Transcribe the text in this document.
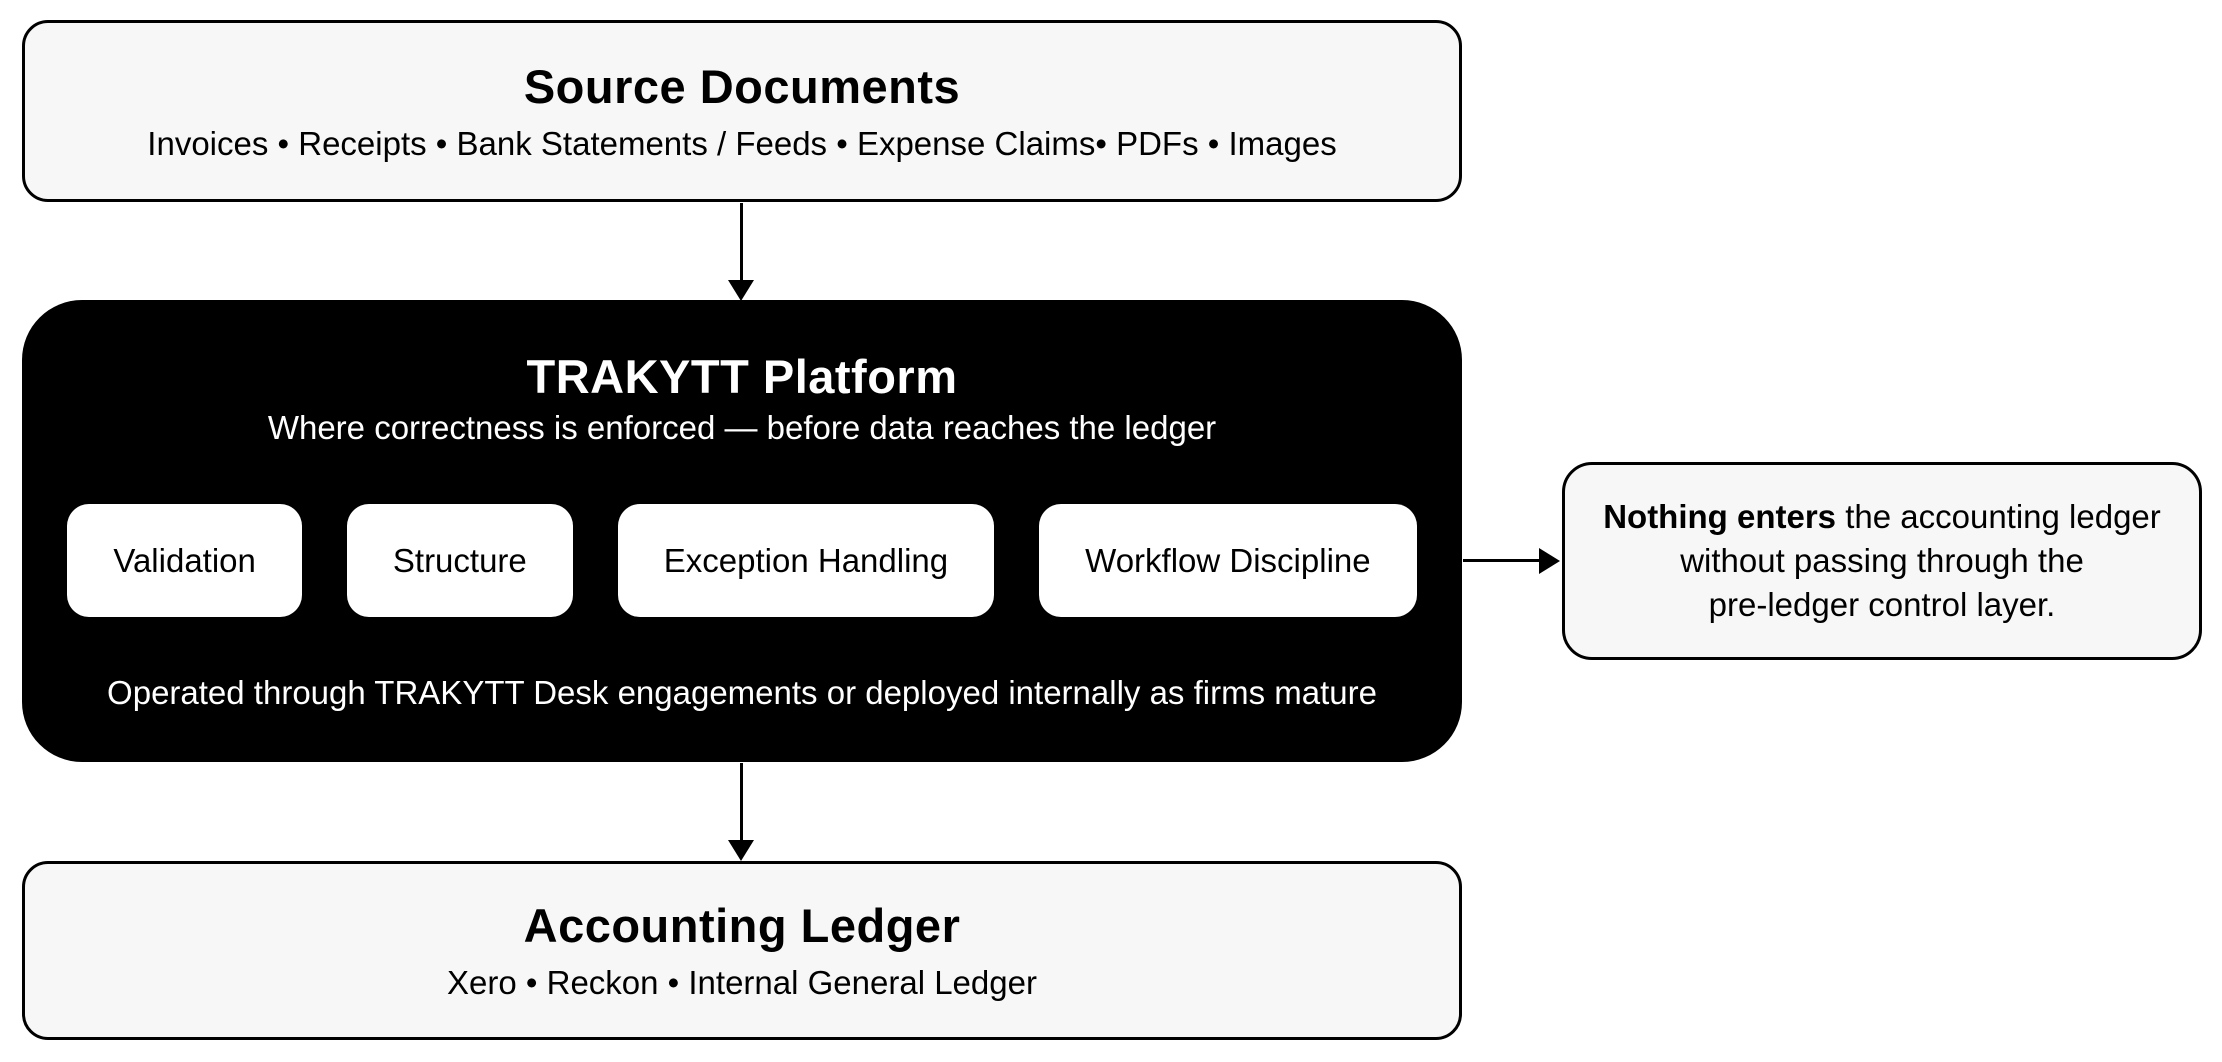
Source Documents
Invoices • Receipts • Bank Statements / Feeds • Expense Claims• PDFs • Images
TRAKYTT Platform
Where correctness is enforced — before data reaches the ledger
Validation	Structure	Exception Handling	Workflow Discipline
Operated through TRAKYTT Desk engagements or deployed internally as firms mature
Nothing enters the accounting ledger
without passing through the
pre-ledger control layer.
Accounting Ledger
Xero • Reckon • Internal General Ledger
